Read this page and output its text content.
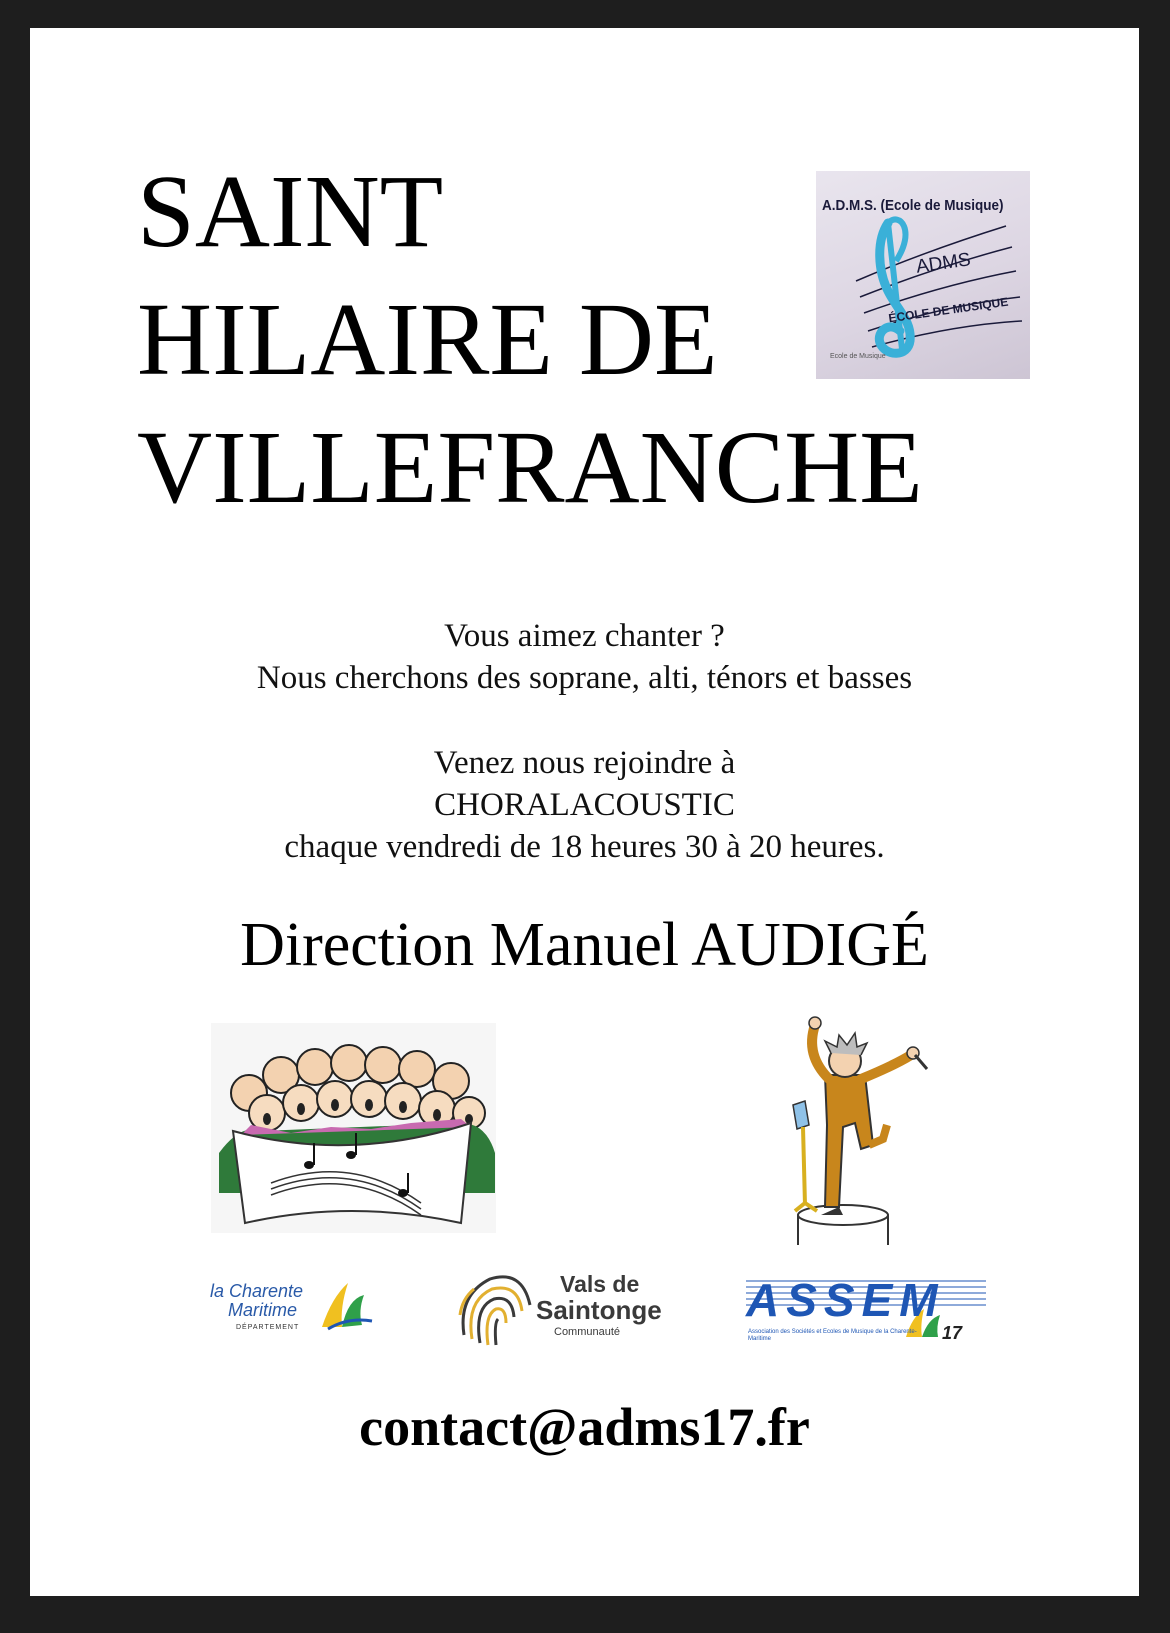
SAINT
HILAIRE DE
VILLEFRANCHE
A.D.M.S. (Ecole de Musique)
ADMS
ÉCOLE DE MUSIQUE
Ecole de Musique
Vous aimez chanter ?
Nous cherchons des soprane, alti, ténors et basses
Venez nous rejoindre à
CHORALACOUSTIC
chaque vendredi de 18 heures 30 à 20 heures.
Direction Manuel AUDIGÉ
la Charente
Maritime
DÉPARTEMENT
Vals de
Saintonge
Communauté
ASSEM
Association des Sociétés et Ecoles de Musique de la Charente-Maritime	17
contact@adms17.fr
